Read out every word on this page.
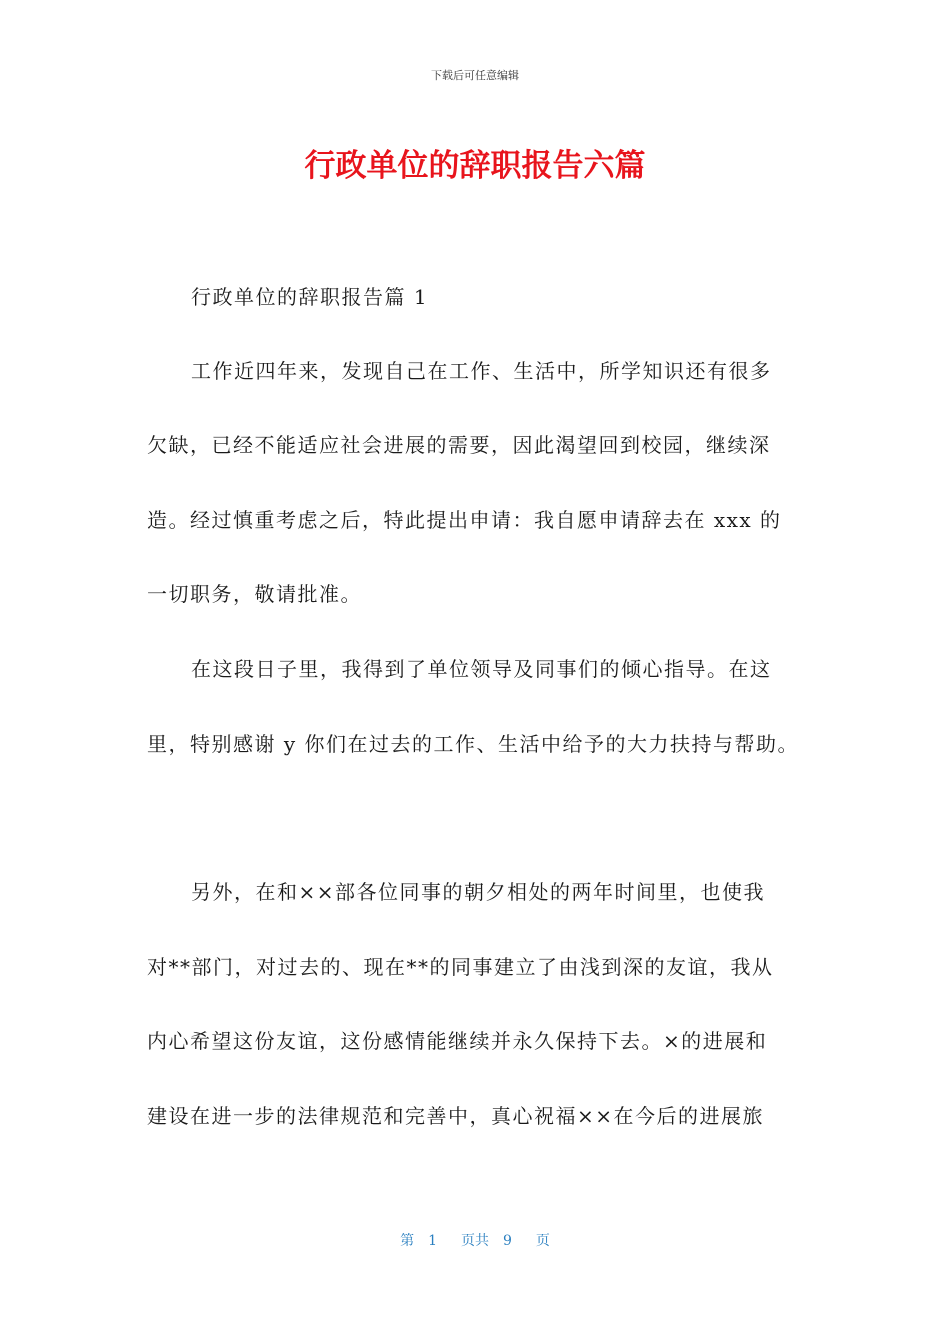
下载后可任意编辑
行政单位的辞职报告六篇
行政单位的辞职报告篇 1
工作近四年来，发现自己在工作、生活中，所学知识还有很多
欠缺，已经不能适应社会进展的需要，因此渴望回到校园，继续深
造。经过慎重考虑之后，特此提出申请：我自愿申请辞去在 xxx 的
一切职务，敬请批准。
在这段日子里，我得到了单位领导及同事们的倾心指导。在这
里，特别感谢 y 你们在过去的工作、生活中给予的大力扶持与帮助。
另外，在和××部各位同事的朝夕相处的两年时间里，也使我
对**部门，对过去的、现在**的同事建立了由浅到深的友谊，我从
内心希望这份友谊，这份感情能继续并永久保持下去。×的进展和
建设在进一步的法律规范和完善中，真心祝福××在今后的进展旅
第 1 页共 9 页
